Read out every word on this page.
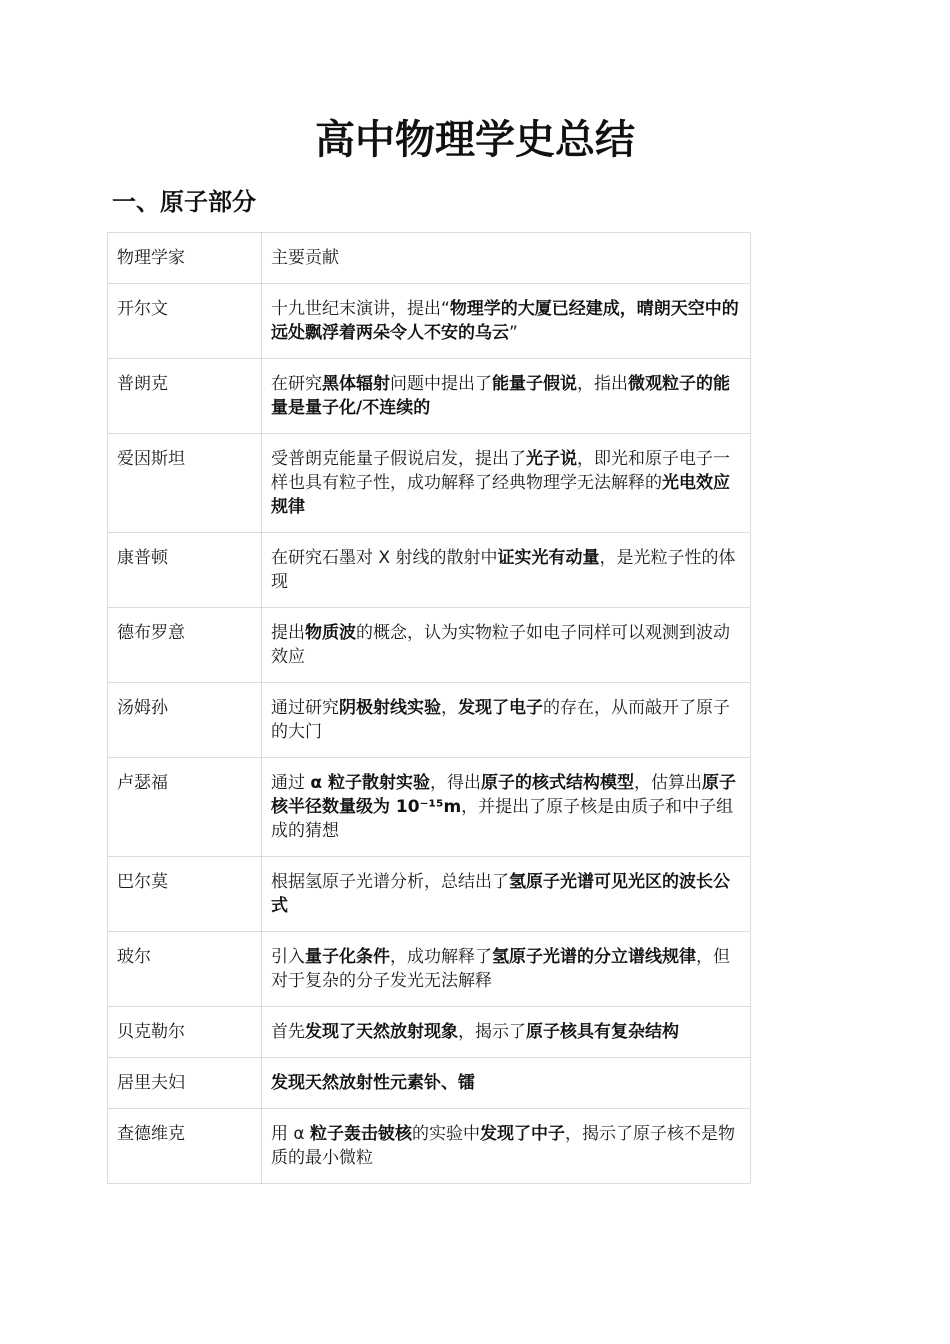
高中物理学史总结
一、原子部分
物理学家	主要贡献
开尔文	十九世纪末演讲，提出“物理学的大厦已经建成，晴朗天空中的远处飘浮着两朵令人不安的乌云”
普朗克	在研究黑体辐射问题中提出了能量子假说，指出微观粒子的能量是量子化/不连续的
爱因斯坦	受普朗克能量子假说启发，提出了光子说，即光和原子电子一样也具有粒子性，成功解释了经典物理学无法解释的光电效应规律
康普顿	在研究石墨对 X 射线的散射中证实光有动量，是光粒子性的体现
德布罗意	提出物质波的概念，认为实物粒子如电子同样可以观测到波动效应
汤姆孙	通过研究阴极射线实验，发现了电子的存在，从而敲开了原子的大门
卢瑟福	通过 α 粒子散射实验，得出原子的核式结构模型，估算出原子核半径数量级为 10⁻¹⁵m，并提出了原子核是由质子和中子组成的猜想
巴尔莫	根据氢原子光谱分析，总结出了氢原子光谱可见光区的波长公式
玻尔	引入量子化条件，成功解释了氢原子光谱的分立谱线规律，但对于复杂的分子发光无法解释
贝克勒尔	首先发现了天然放射现象，揭示了原子核具有复杂结构
居里夫妇	发现天然放射性元素钋、镭
查德维克	用 α 粒子轰击铍核的实验中发现了中子，揭示了原子核不是物质的最小微粒
